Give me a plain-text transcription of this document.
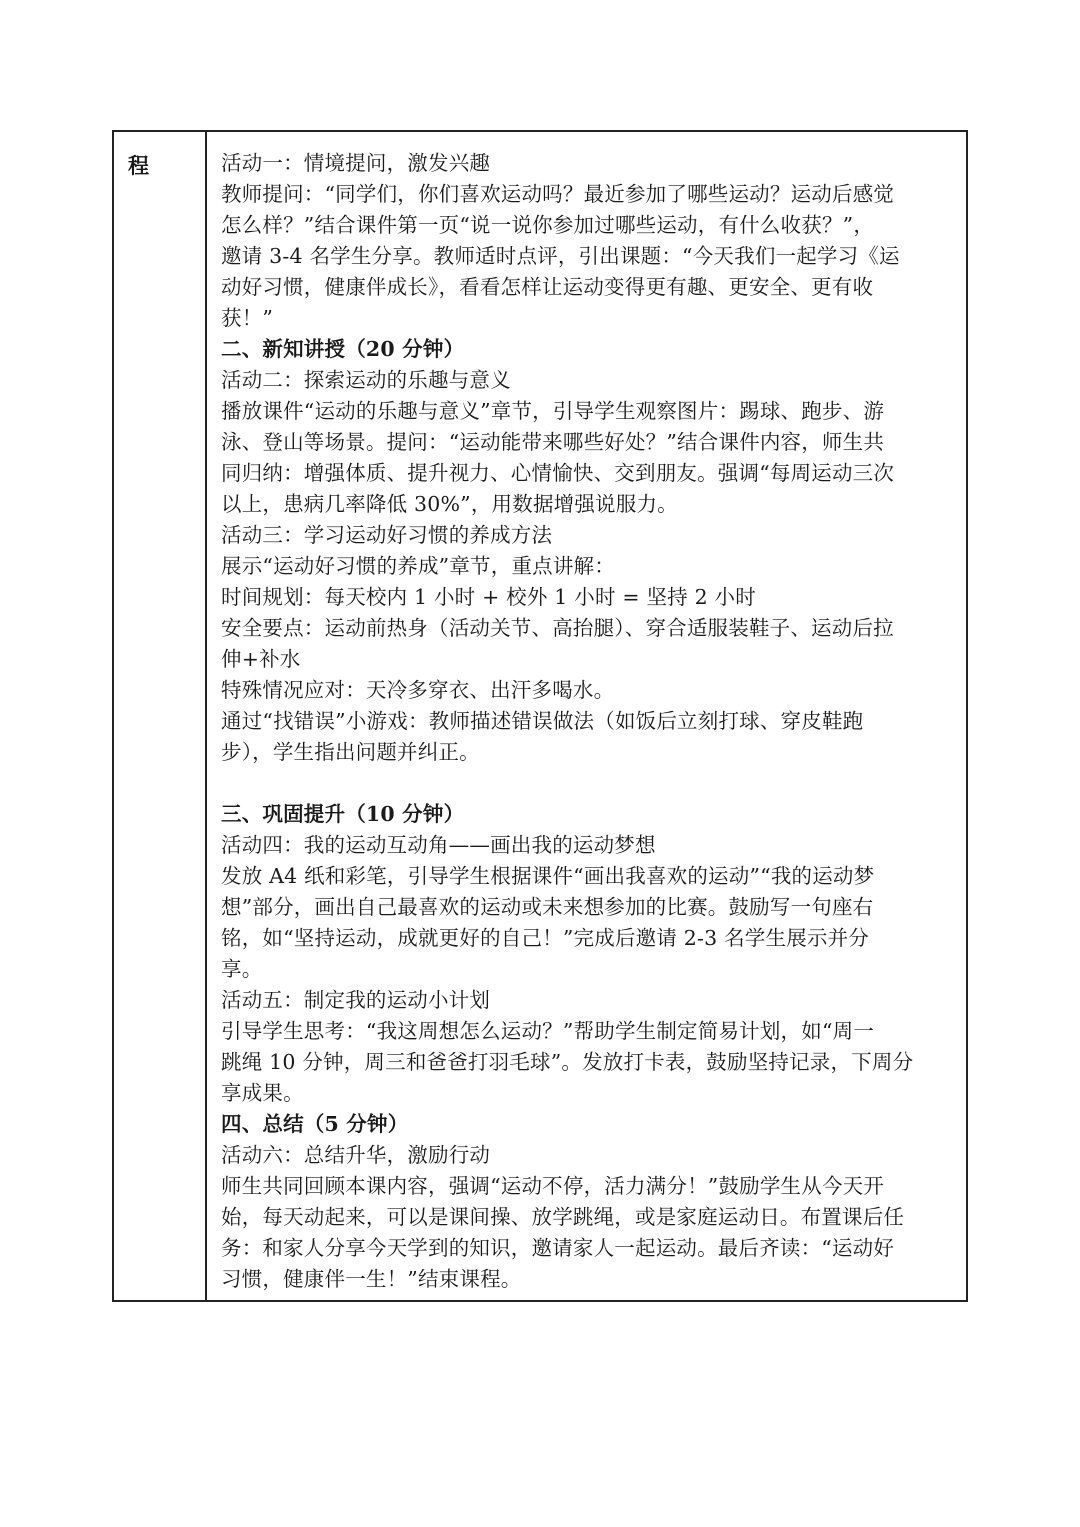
程	活动一：情境提问，激发兴趣
教师提问：“同学们，你们喜欢运动吗？最近参加了哪些运动？运动后感觉
怎么样？”结合课件第一页“说一说你参加过哪些运动，有什么收获？”，
邀请 3-4 名学生分享。教师适时点评，引出课题：“今天我们一起学习《运
动好习惯，健康伴成长》，看看怎样让运动变得更有趣、更安全、更有收
获！”
二、新知讲授（20 分钟）
活动二：探索运动的乐趣与意义
播放课件“运动的乐趣与意义”章节，引导学生观察图片：踢球、跑步、游
泳、登山等场景。提问：“运动能带来哪些好处？”结合课件内容，师生共
同归纳：增强体质、提升视力、心情愉快、交到朋友。强调“每周运动三次
以上，患病几率降低 30%”，用数据增强说服力。
活动三：学习运动好习惯的养成方法
展示“运动好习惯的养成”章节，重点讲解：
时间规划：每天校内 1 小时 + 校外 1 小时 = 坚持 2 小时
安全要点：运动前热身（活动关节、高抬腿）、穿合适服装鞋子、运动后拉
伸+补水
特殊情况应对：天冷多穿衣、出汗多喝水。
通过“找错误”小游戏：教师描述错误做法（如饭后立刻打球、穿皮鞋跑
步），学生指出问题并纠正。
三、巩固提升（10 分钟）
活动四：我的运动互动角——画出我的运动梦想
发放 A4 纸和彩笔，引导学生根据课件“画出我喜欢的运动”“我的运动梦
想”部分，画出自己最喜欢的运动或未来想参加的比赛。鼓励写一句座右
铭，如“坚持运动，成就更好的自己！”完成后邀请 2-3 名学生展示并分
享。
活动五：制定我的运动小计划
引导学生思考：“我这周想怎么运动？”帮助学生制定简易计划，如“周一
跳绳 10 分钟，周三和爸爸打羽毛球”。发放打卡表，鼓励坚持记录，下周分
享成果。
四、总结（5 分钟）
活动六：总结升华，激励行动
师生共同回顾本课内容，强调“运动不停，活力满分！”鼓励学生从今天开
始，每天动起来，可以是课间操、放学跳绳，或是家庭运动日。布置课后任
务：和家人分享今天学到的知识，邀请家人一起运动。最后齐读：“运动好
习惯，健康伴一生！”结束课程。
